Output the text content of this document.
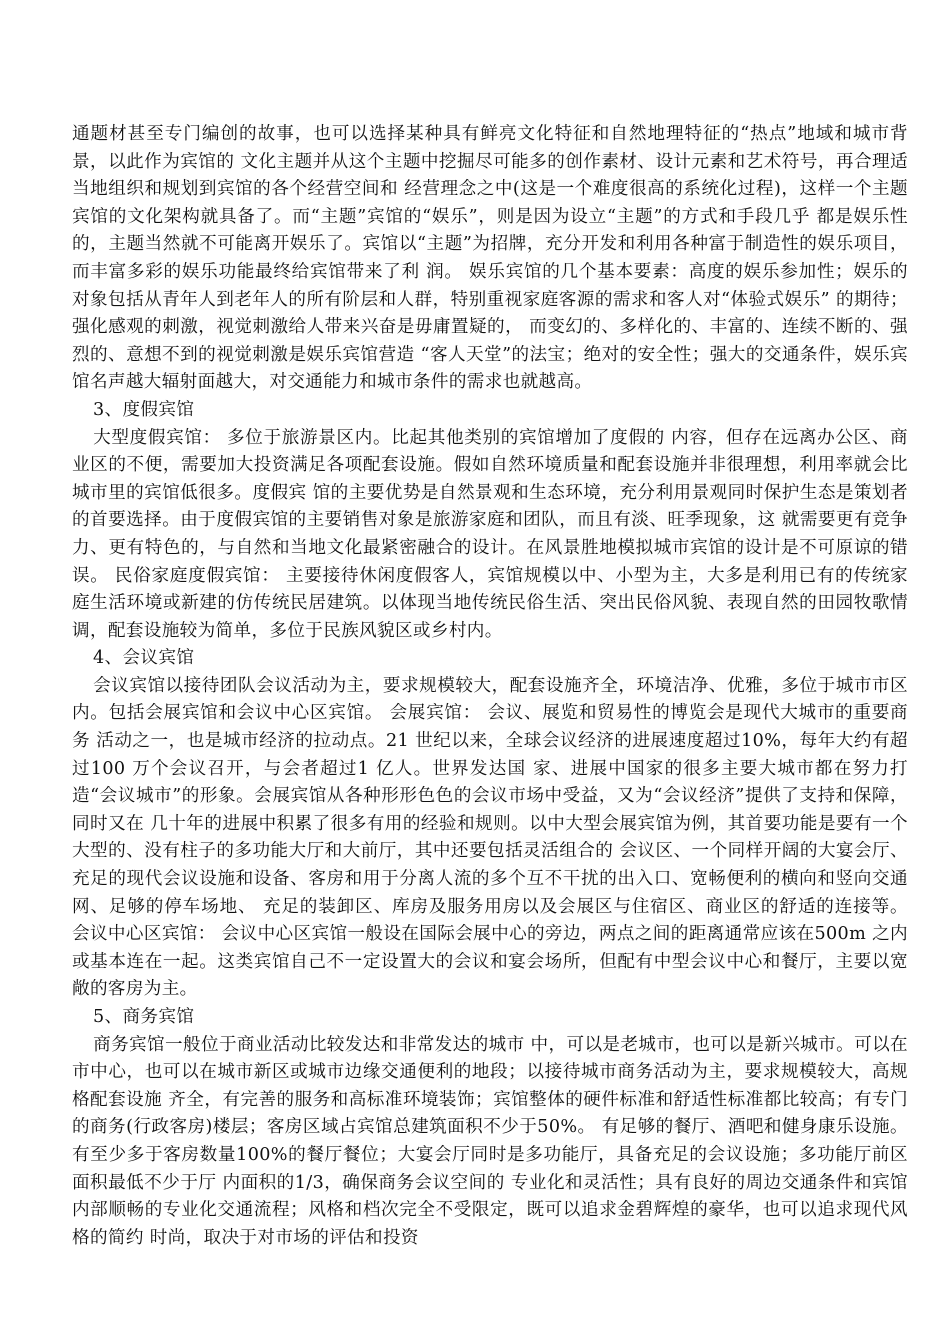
通题材甚至专门编创的故事，也可以选择某种具有鲜亮文化特征和自然地理特征的“热点”地域和城市背景，以此作为宾馆的 文化主题并从这个主题中挖掘尽可能多的创作素材、设计元素和艺术符号，再合理适当地组织和规划到宾馆的各个经营空间和 经营理念之中(这是一个难度很高的系统化过程)，这样一个主题宾馆的文化架构就具备了。而“主题”宾馆的“娱乐”，则是因为设立“主题”的方式和手段几乎 都是娱乐性的，主题当然就不可能离开娱乐了。宾馆以“主题”为招牌，充分开发和利用各种富于制造性的娱乐项目，而丰富多彩的娱乐功能最终给宾馆带来了利 润。 娱乐宾馆的几个基本要素：高度的娱乐参加性；娱乐的 对象包括从青年人到老年人的所有阶层和人群，特别重视家庭客源的需求和客人对“体验式娱乐” 的期待；强化感观的刺激，视觉刺激给人带来兴奋是毋庸置疑的， 而变幻的、多样化的、丰富的、连续不断的、强烈的、意想不到的视觉刺激是娱乐宾馆营造 “客人天堂”的法宝；绝对的安全性；强大的交通条件，娱乐宾馆名声越大辐射面越大，对交通能力和城市条件的需求也就越高。

3、度假宾馆

大型度假宾馆： 多位于旅游景区内。比起其他类别的宾馆增加了度假的 内容，但存在远离办公区、商业区的不便，需要加大投资满足各项配套设施。假如自然环境质量和配套设施并非很理想，利用率就会比城市里的宾馆低很多。度假宾 馆的主要优势是自然景观和生态环境，充分利用景观同时保护生态是策划者的首要选择。由于度假宾馆的主要销售对象是旅游家庭和团队，而且有淡、旺季现象，这 就需要更有竞争力、更有特色的，与自然和当地文化最紧密融合的设计。在风景胜地模拟城市宾馆的设计是不可原谅的错误。 民俗家庭度假宾馆： 主要接待休闲度假客人，宾馆规模以中、小型为主，大多是利用已有的传统家庭生活环境或新建的仿传统民居建筑。以体现当地传统民俗生活、突出民俗风貌、表现自然的田园牧歌情调，配套设施较为简单，多位于民族风貌区或乡村内。

4、会议宾馆

会议宾馆以接待团队会议活动为主，要求规模较大，配套设施齐全，环境洁净、优雅，多位于城市市区内。包括会展宾馆和会议中心区宾馆。 会展宾馆： 会议、展览和贸易性的博览会是现代大城市的重要商务 活动之一，也是城市经济的拉动点。21 世纪以来，全球会议经济的进展速度超过10%，每年大约有超过100 万个会议召开，与会者超过1 亿人。世界发达国 家、进展中国家的很多主要大城市都在努力打造“会议城市”的形象。会展宾馆从各种形形色色的会议市场中受益，又为“会议经济”提供了支持和保障，同时又在 几十年的进展中积累了很多有用的经验和规则。以中大型会展宾馆为例，其首要功能是要有一个大型的、没有柱子的多功能大厅和大前厅，其中还要包括灵活组合的 会议区、一个同样开阔的大宴会厅、充足的现代会议设施和设备、客房和用于分离人流的多个互不干扰的出入口、宽畅便利的横向和竖向交通网、足够的停车场地、 充足的装卸区、库房及服务用房以及会展区与住宿区、商业区的舒适的连接等。 会议中心区宾馆： 会议中心区宾馆一般设在国际会展中心的旁边，两点之间的距离通常应该在500m 之内或基本连在一起。这类宾馆自己不一定设置大的会议和宴会场所，但配有中型会议中心和餐厅，主要以宽敞的客房为主。

5、商务宾馆

商务宾馆一般位于商业活动比较发达和非常发达的城市 中，可以是老城市，也可以是新兴城市。可以在市中心，也可以在城市新区或城市边缘交通便利的地段；以接待城市商务活动为主，要求规模较大，高规格配套设施 齐全，有完善的服务和高标准环境装饰；宾馆整体的硬件标准和舒适性标准都比较高；有专门的商务(行政客房)楼层；客房区域占宾馆总建筑面积不少于50%。 有足够的餐厅、酒吧和健身康乐设施。有至少多于客房数量100%的餐厅餐位；大宴会厅同时是多功能厅，具备充足的会议设施；多功能厅前区面积最低不少于厅 内面积的1/3，确保商务会议空间的 专业化和灵活性；具有良好的周边交通条件和宾馆内部顺畅的专业化交通流程；风格和档次完全不受限定，既可以追求金碧辉煌的豪华，也可以追求现代风格的简约 时尚，取决于对市场的评估和投资
